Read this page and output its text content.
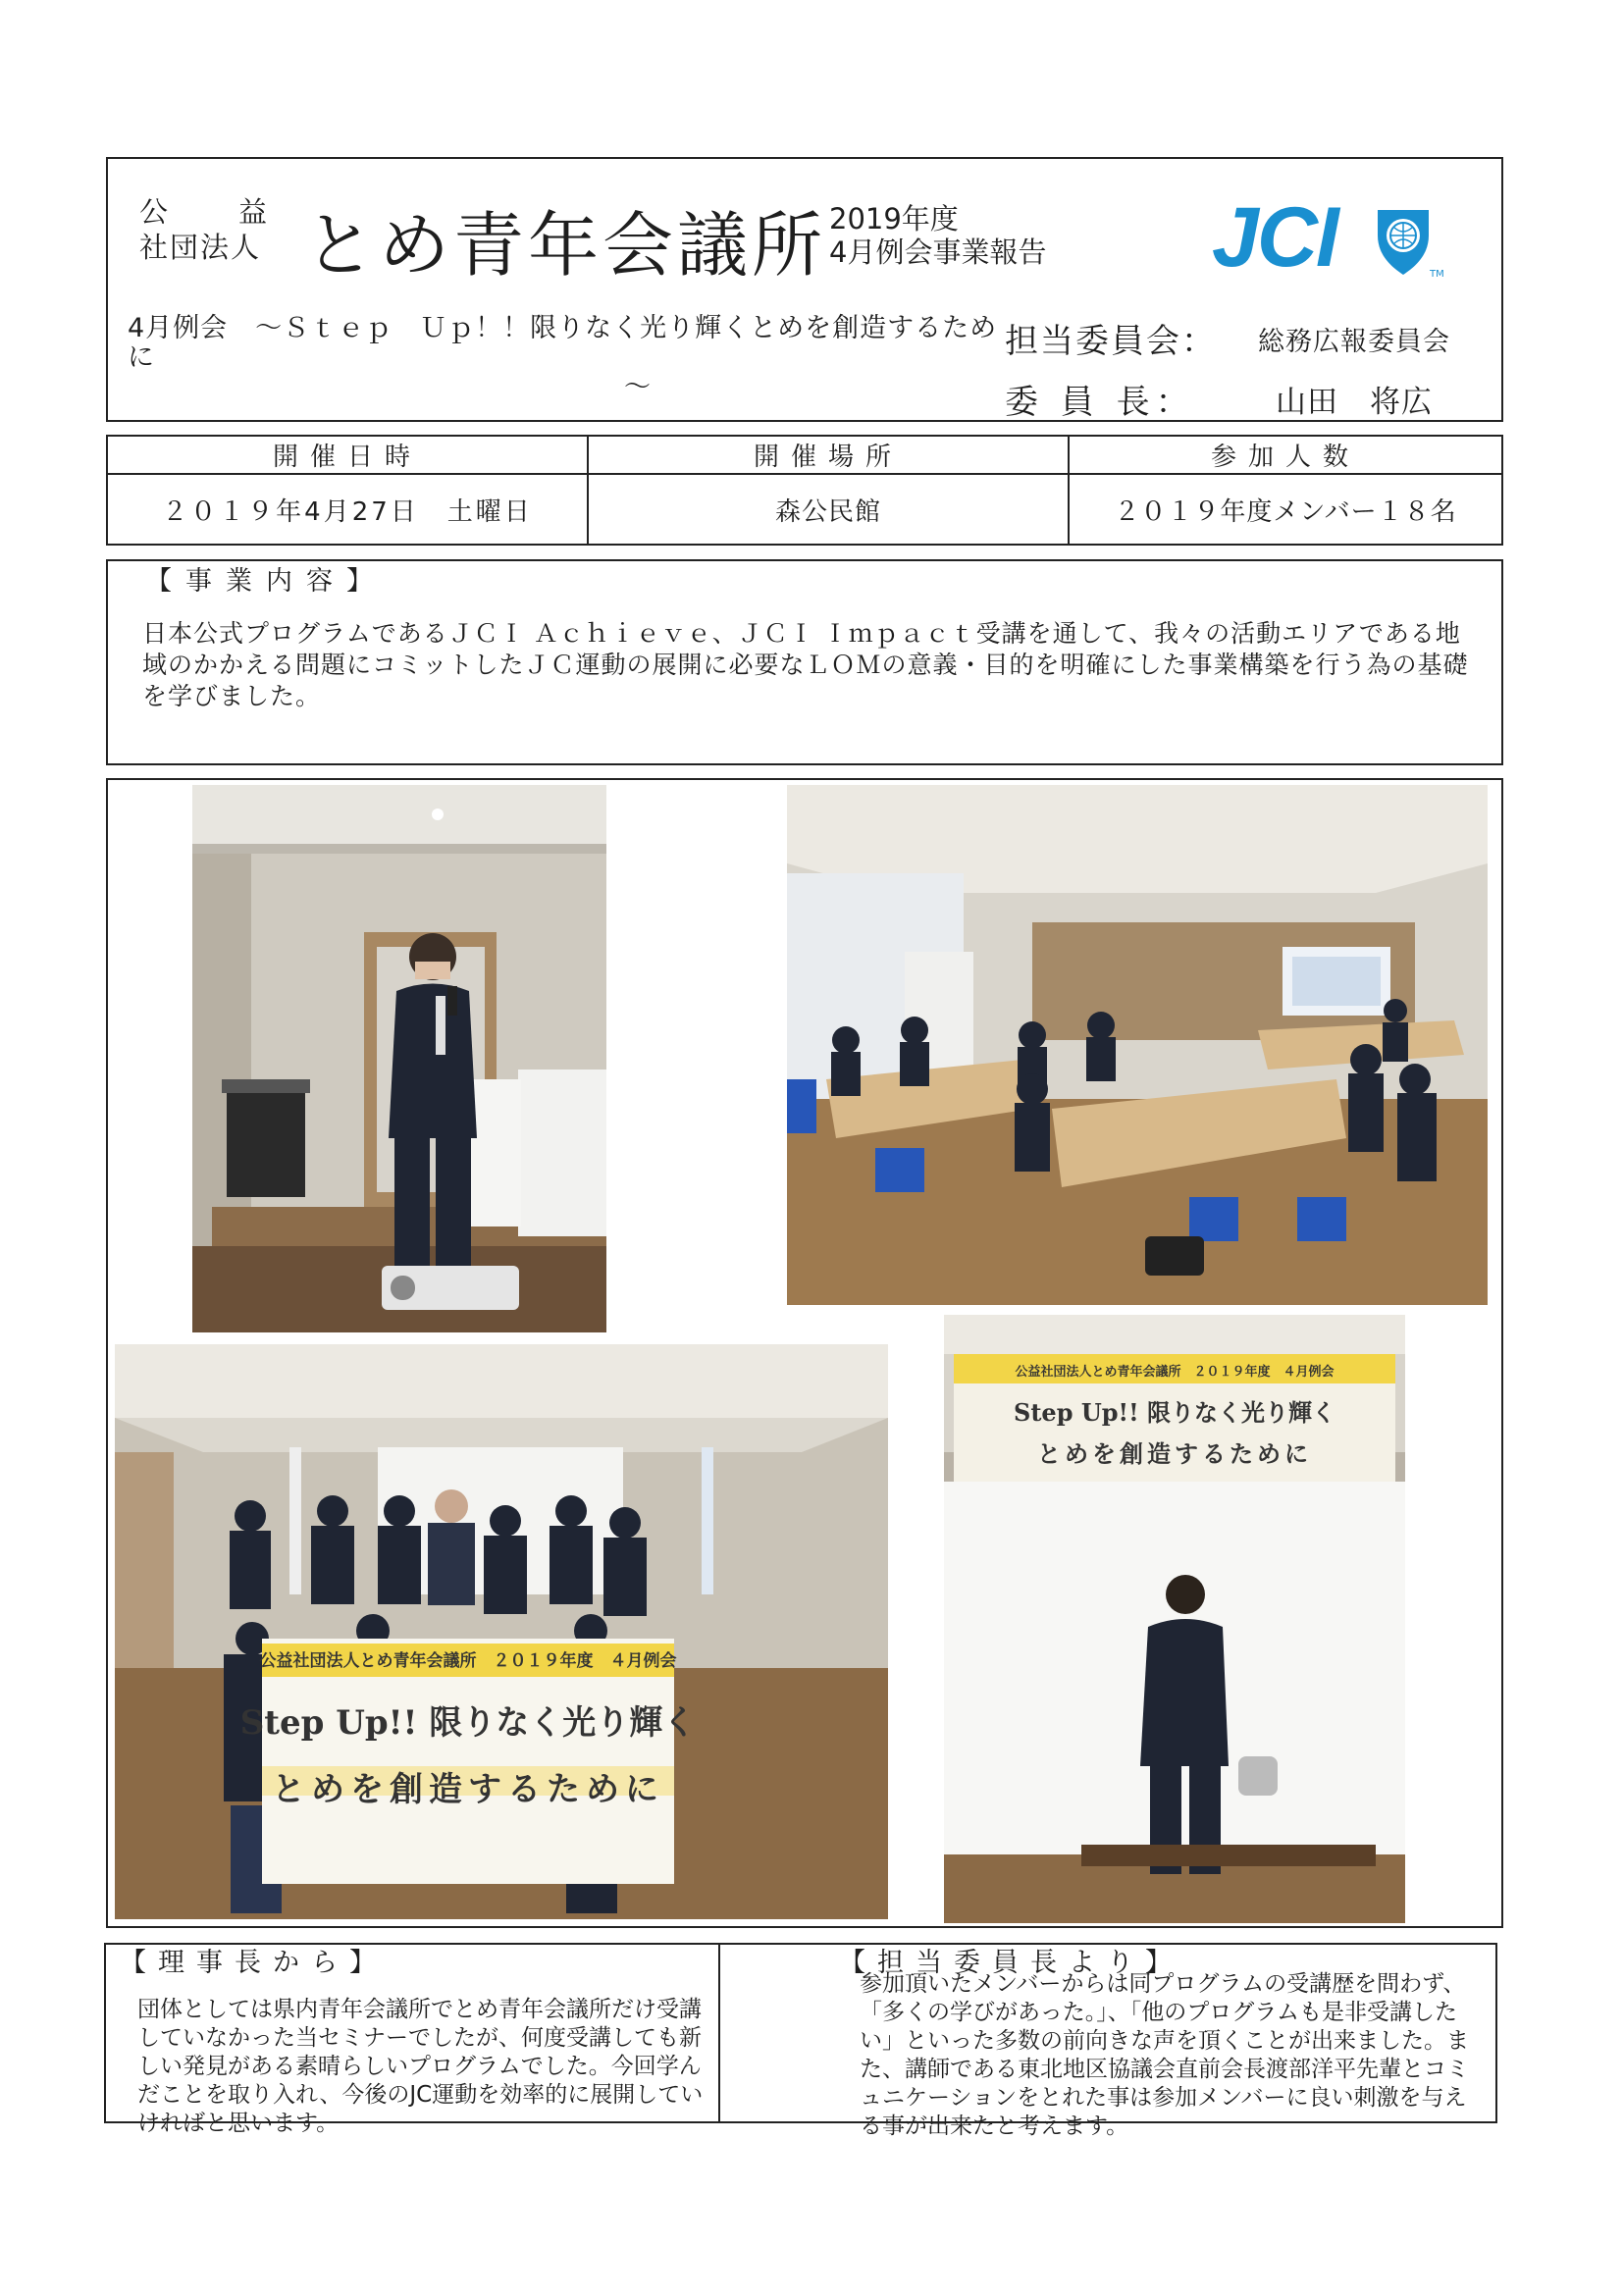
公 益
社団法人 とめ青年会議所 2019年度
4月例会事業報告 JCI	TM
4月例会　～Ｓｔｅｐ　Ｕｐ！！限りなく光り輝くとめを創造するために
～
担当委員会： 総務広報委員会
委 員 長：	山田　将広
開催日時	開催場所	参加人数
２０１９年4月27日　土曜日	森公民館	２０１９年度メンバー１８名
【事業内容】
日本公式プログラムであるＪＣＩ Ａｃｈｉｅｖｅ、ＪＣＩ Ｉｍｐａｃｔ受講を通して、我々の活動エリアである地域のかかえる問題にコミットしたＪＣ運動の展開に必要なＬＯＭの意義・目的を明確にした事業構築を行う為の基礎を学びました。
公益社団法人とめ青年会議所　２０１９年度　４月例会
Step Up!! 限りなく光り輝く
とめを創造するために
公益社団法人とめ青年会議所　２０１９年度　４月例会
Step Up!! 限りなく光り輝く
とめを創造するために
【理事長から】
団体としては県内青年会議所でとめ青年会議所だけ受講していなかった当セミナーでしたが、何度受講しても新しい発見がある素晴らしいプログラムでした。今回学んだことを取り入れ、今後のJC運動を効率的に展開していければと思います。
【担当委員長より】
参加頂いたメンバーからは同プログラムの受講歴を問わず、「多くの学びがあった。」、「他のプログラムも是非受講したい」といった多数の前向きな声を頂くことが出来ました。また、講師である東北地区協議会直前会長渡部洋平先輩とコミュニケーションをとれた事は参加メンバーに良い刺激を与える事が出来たと考えます。
